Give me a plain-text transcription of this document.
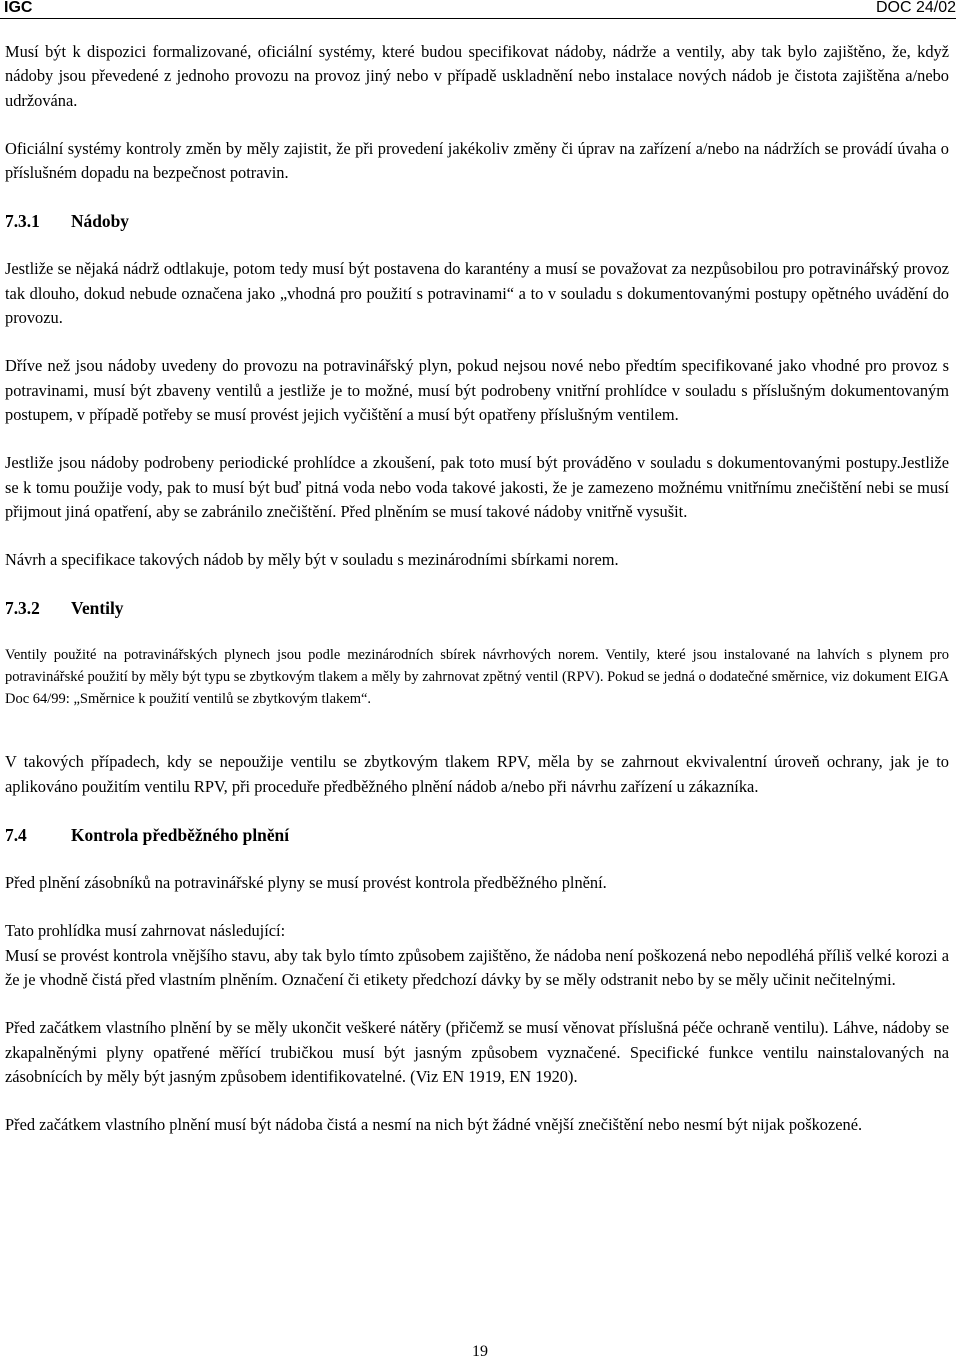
IGC	DOC 24/02

Musí být k dispozici formalizované, oficiální systémy, které budou specifikovat nádoby, nádrže a ventily, aby tak bylo zajištěno, že, když nádoby jsou převedené z jednoho provozu na provoz jiný nebo v případě uskladnění nebo instalace nových nádob je čistota zajištěna a/nebo udržována.

Oficiální systémy kontroly změn by měly zajistit, že při provedení jakékoliv změny či úprav na zařízení a/nebo na nádržích se provádí úvaha o příslušném dopadu na bezpečnost potravin.

7.3.1 Nádoby

Jestliže se nějaká nádrž odtlakuje, potom tedy musí být postavena do karantény a musí se považovat za nezpůsobilou pro potravinářský provoz tak dlouho, dokud nebude označena jako „vhodná pro použití s potravinami“ a to v souladu s dokumentovanými postupy opětného uvádění do provozu.

Dříve než jsou nádoby uvedeny do provozu na potravinářský plyn, pokud nejsou nové nebo předtím specifikované jako vhodné pro provoz s potravinami, musí být zbaveny ventilů a jestliže je to možné, musí být podrobeny vnitřní prohlídce v souladu s příslušným dokumentovaným postupem, v případě potřeby se musí provést jejich vyčištění a musí být opatřeny příslušným ventilem.

Jestliže jsou nádoby podrobeny periodické prohlídce a zkoušení, pak toto musí být prováděno v souladu s dokumentovanými postupy.Jestliže se k tomu použije vody, pak to musí být buď pitná voda nebo voda takové jakosti, že je zamezeno možnému vnitřnímu znečištění nebi se musí přijmout jiná opatření, aby se zabránilo znečištění. Před plněním se musí takové nádoby vnitřně vysušit.

Návrh a specifikace takových nádob by měly být v souladu s mezinárodními sbírkami norem.

7.3.2 Ventily

Ventily použité na potravinářských plynech jsou podle mezinárodních sbírek návrhových norem. Ventily, které jsou instalované na lahvích s plynem pro potravinářské použití by měly být typu se zbytkovým tlakem a měly by zahrnovat zpětný ventil (RPV). Pokud se jedná o dodatečné směrnice, viz dokument EIGA Doc 64/99: „Směrnice k použití ventilů se zbytkovým tlakem“.

V takových případech, kdy se nepoužije ventilu se zbytkovým tlakem RPV, měla by se zahrnout ekvivalentní úroveň ochrany, jak je to aplikováno použitím ventilu RPV, při proceduře předběžného plnění nádob a/nebo při návrhu zařízení u zákazníka.

7.4	Kontrola předběžného plnění

Před plnění zásobníků na potravinářské plyny se musí provést kontrola předběžného plnění.

Tato prohlídka musí zahrnovat následující:

Musí se provést kontrola vnějšího stavu, aby tak bylo tímto způsobem zajištěno, že nádoba není poškozená nebo nepodléhá příliš velké korozi a že je vhodně čistá před vlastním plněním. Označení či etikety předchozí dávky by se měly odstranit nebo by se měly učinit nečitelnými.

Před začátkem vlastního plnění by se měly ukončit veškeré nátěry (přičemž se musí věnovat příslušná péče ochraně ventilu). Láhve, nádoby se zkapalněnými plyny opatřené měřící trubičkou musí být jasným způsobem vyznačené. Specifické funkce ventilu nainstalovaných na zásobnících by měly být jasným způsobem identifikovatelné. (Viz EN 1919, EN 1920).

Před začátkem vlastního plnění musí být nádoba čistá a nesmí na nich být žádné vnější znečištění nebo nesmí být nijak poškozené.

19
